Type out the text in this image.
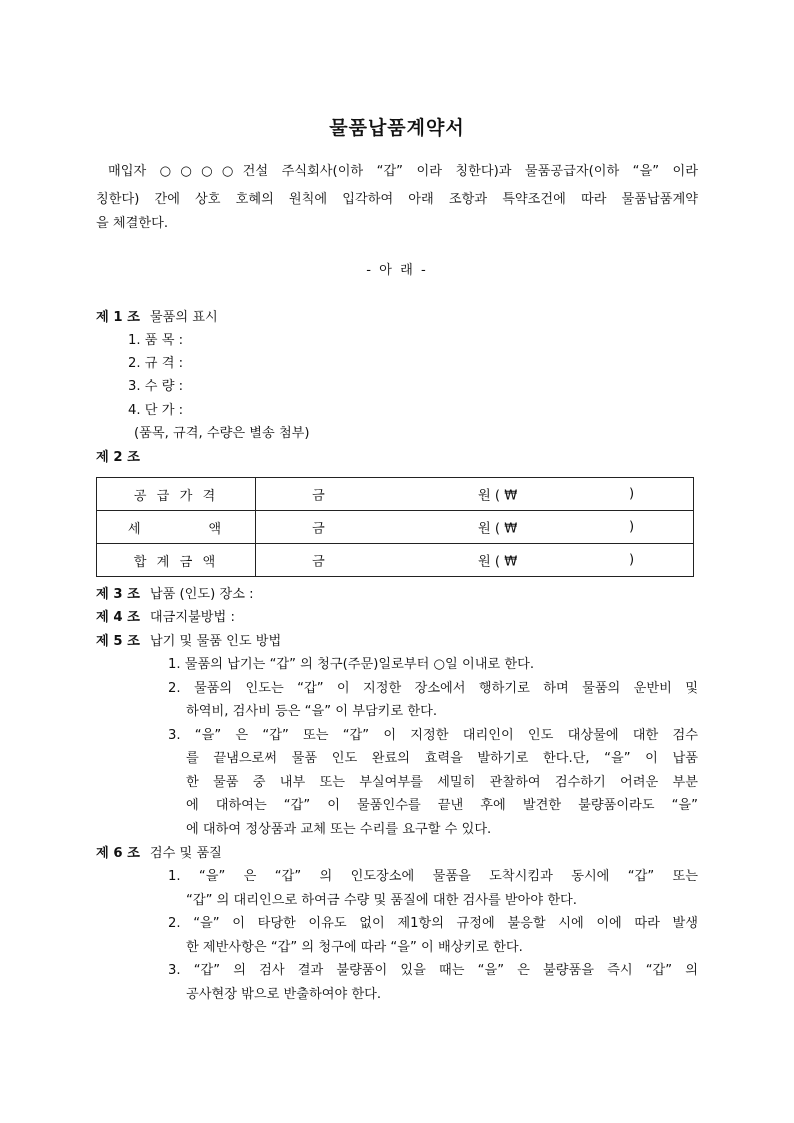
물품납품계약서
매입자 ○○○○건설 주식회사(이하 “갑” 이라 칭한다)과 물품공급자(이하 “을” 이라
칭한다) 간에 상호 호혜의 원칙에 입각하여 아래 조항과 특약조건에 따라 물품납품계약
을 체결한다.
- 아 래 -
제 1 조 물품의 표시
1. 품 목 :
2. 규 격 :
3. 수 량 :
4. 단 가 :
(품목, 규격, 수량은 별송 첨부)
제 2 조
공 급 가 격	금 원 ( ₩ )

세         액	금 원 ( ₩ )

합 계 금 액	금 원 ( ₩ )
제 3 조 납품 (인도) 장소 :
제 4 조 대금지불방법 :
제 5 조 납기 및 물품 인도 방법
1. 물품의 납기는 “갑” 의 청구(주문)일로부터 ○일 이내로 한다.
2. 물품의 인도는 “갑” 이 지정한 장소에서 행하기로 하며 물품의 운반비 및
하역비, 검사비 등은 “을” 이 부담키로 한다.
3. “을” 은 “갑” 또는 “갑” 이 지정한 대리인이 인도 대상물에 대한 검수
를 끝냄으로써 물품 인도 완료의 효력을 발하기로 한다.단, “을” 이 납품
한 물품 중 내부 또는 부실여부를 세밀히 관찰하여 검수하기 어려운 부분
에 대하여는 “갑” 이 물품인수를 끝낸 후에 발견한 불량품이라도 “을”
에 대하여 정상품과 교체 또는 수리를 요구할 수 있다.
제 6 조 검수 및 품질
1. “을” 은 “갑” 의 인도장소에 물품을 도착시킴과 동시에 “갑” 또는
“갑” 의 대리인으로 하여금 수량 및 품질에 대한 검사를 받아야 한다.
2. “을” 이 타당한 이유도 없이 제1항의 규정에 불응할 시에 이에 따라 발생
한 제반사항은 “갑” 의 청구에 따라 “을” 이 배상키로 한다.
3. “갑” 의 검사 결과 불량품이 있을 때는 “을” 은 불량품을 즉시 “갑” 의
공사현장 밖으로 반출하여야 한다.
